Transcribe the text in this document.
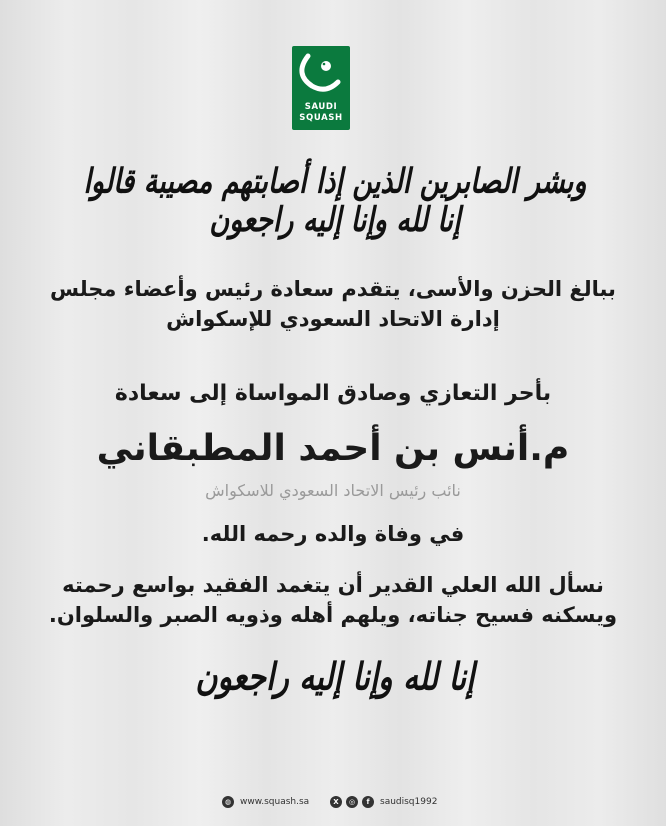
SAUDI
SQUASH
وبشر الصابرين الذين إذا أصابتهم مصيبة قالوا إنا لله وإنا إليه راجعون
ببالغ الحزن والأسى، يتقدم سعادة رئيس وأعضاء مجلس
إدارة الاتحاد السعودي للإسكواش
بأحر التعازي وصادق المواساة إلى سعادة
م.أنس بن أحمد المطبقاني
نائب رئيس الاتحاد السعودي للاسكواش
في وفاة والده رحمه الله.
نسأل الله العلي القدير أن يتغمد الفقيد بواسع رحمته
ويسكنه فسيح جناته، ويلهم أهله وذويه الصبر والسلوان.
إنا لله وإنا إليه راجعون
◍ www.squash.sa	X	◎	f	saudisq1992
